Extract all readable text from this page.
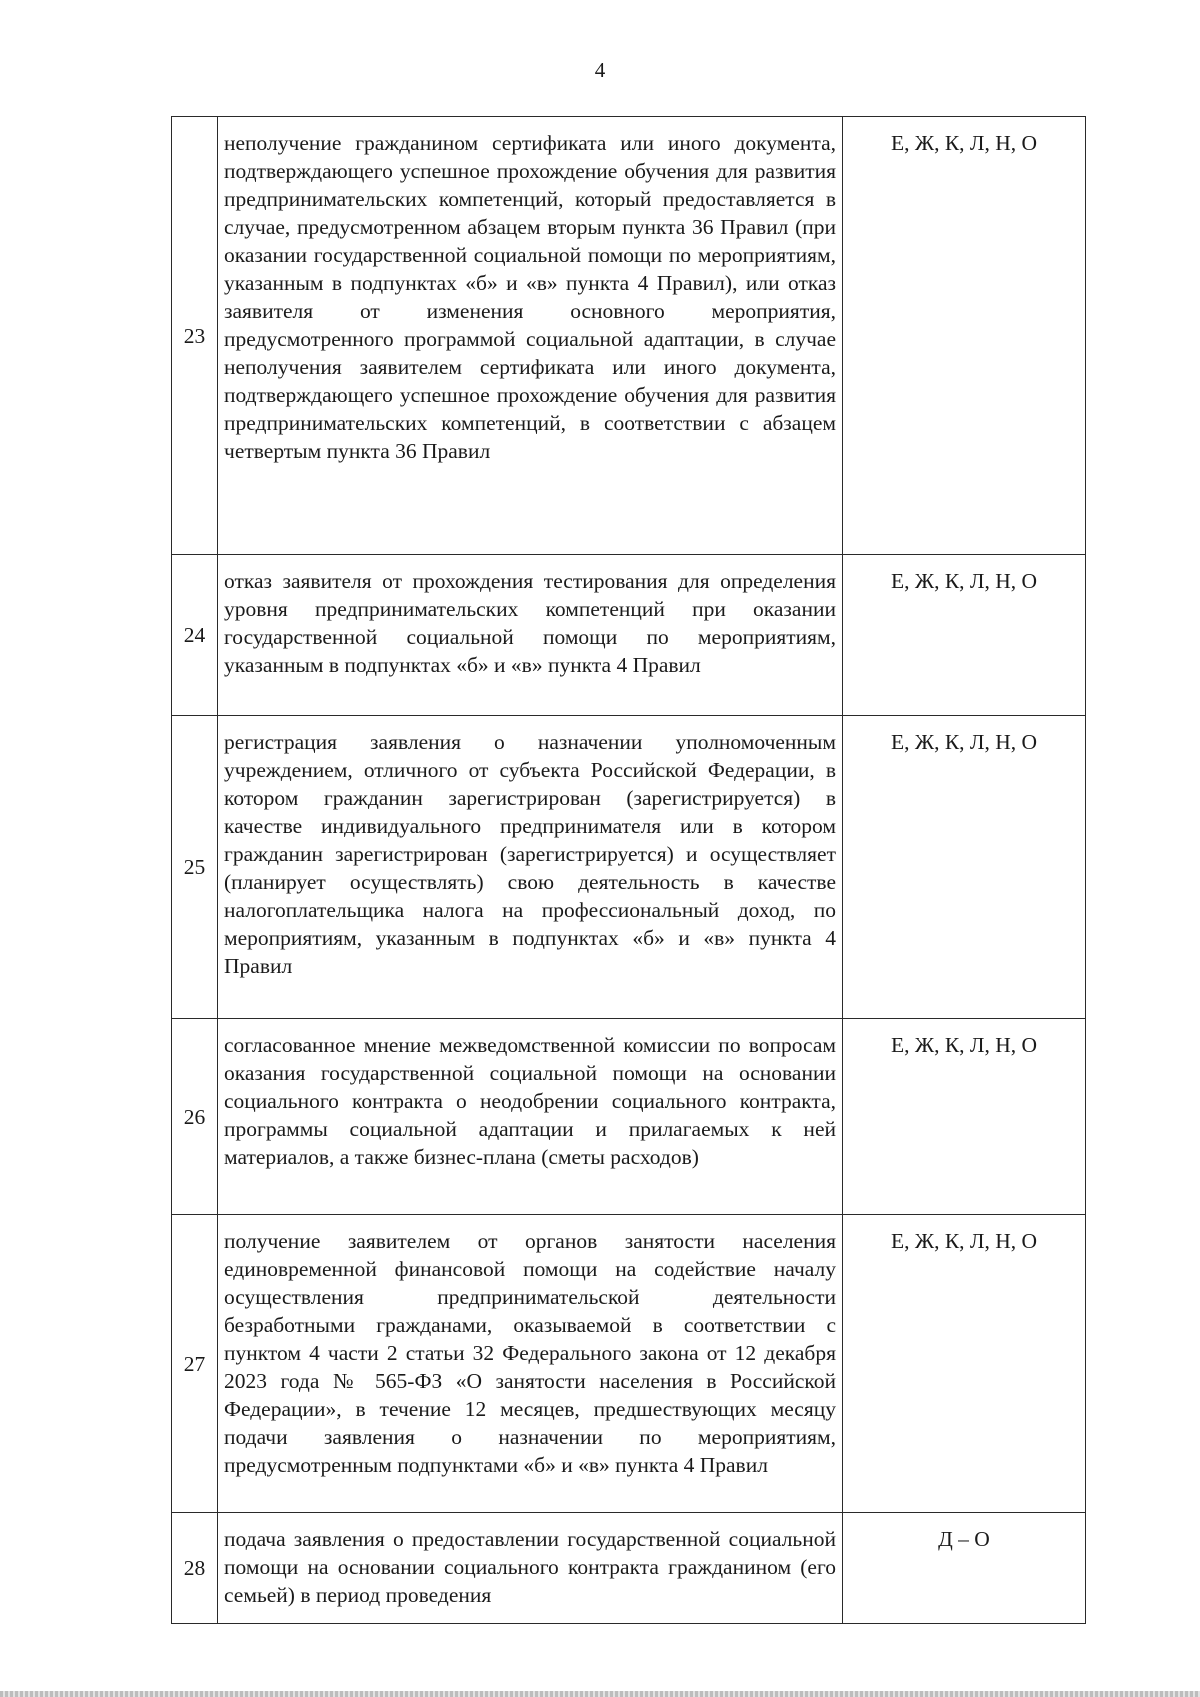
4
23	неполучение гражданином сертификата или иного документа, подтверждающего успешное прохождение обучения для развития предпринимательских компетенций, который предоставляется в случае, предусмотренном абзацем вторым пункта 36 Правил (при оказании государственной социальной помощи по мероприятиям, указанным в подпунктах «б» и «в» пункта 4 Правил), или отказ заявителя от изменения основного мероприятия, предусмотренного программой социальной адаптации, в случае неполучения заявителем сертификата или иного документа, подтверждающего успешное прохождение обучения для развития предпринимательских компетенций, в соответствии с абзацем четвертым пункта 36 Правил	Е, Ж, К, Л, Н, О
24	отказ заявителя от прохождения тестирования для определения уровня предпринимательских компетенций при оказании государственной социальной помощи по мероприятиям, указанным в подпунктах «б» и «в» пункта 4 Правил	Е, Ж, К, Л, Н, О
25	регистрация заявления о назначении уполномоченным учреждением, отличного от субъекта Российской Федерации, в котором гражданин зарегистрирован (зарегистрируется) в качестве индивидуального предпринимателя или в котором гражданин зарегистрирован (зарегистрируется) и осуществляет (планирует осуществлять) свою деятельность в качестве налогоплательщика налога на профессиональный доход, по мероприятиям, указанным в подпунктах «б» и «в» пункта 4 Правил	Е, Ж, К, Л, Н, О
26	согласованное мнение межведомственной комиссии по вопросам оказания государственной социальной помощи на основании социального контракта о неодобрении социального контракта, программы социальной адаптации и прилагаемых к ней материалов, а также бизнес-плана (сметы расходов)	Е, Ж, К, Л, Н, О
27	получение заявителем от органов занятости населения единовременной финансовой помощи на содействие началу осуществления предпринимательской деятельности безработными гражданами, оказываемой в соответствии с пунктом 4 части 2 статьи 32 Федерального закона от 12 декабря 2023 года № 565-ФЗ «О занятости населения в Российской Федерации», в течение 12 месяцев, предшествующих месяцу подачи заявления о назначении по мероприятиям, предусмотренным подпунктами «б» и «в» пункта 4 Правил	Е, Ж, К, Л, Н, О
28	подача заявления о предоставлении государственной социальной помощи на основании социального контракта гражданином (его семьей) в период проведения	Д – О
